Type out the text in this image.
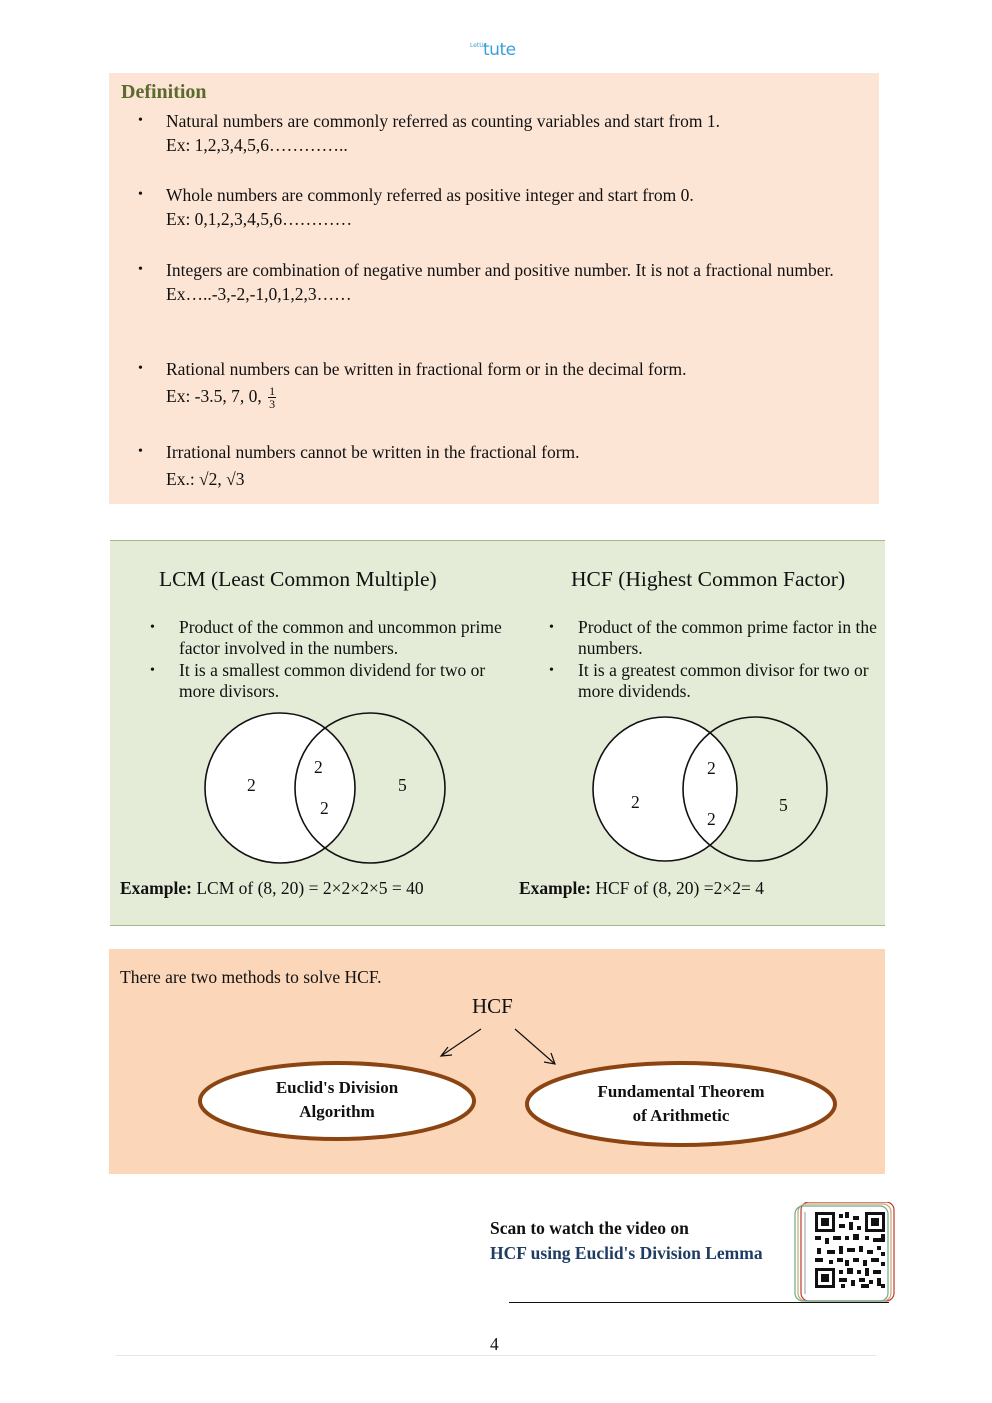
LetUs
tute
Definition
• Natural numbers are commonly referred as counting variables and start from 1.
Ex: 1,2,3,4,5,6…………..
• Whole numbers are commonly referred as positive integer and start from 0.
Ex: 0,1,2,3,4,5,6…………
• Integers are combination of negative number and positive number. It is not a fractional number.
Ex…..-3,-2,-1,0,1,2,3……
• Rational numbers can be written in fractional form or in the decimal form.
Ex: -3.5, 7, 0, $\frac{1}{3}$
• Irrational numbers cannot be written in the fractional form.
Ex.: √2, √3
LCM (Least Common Multiple)
• Product of the common and uncommon prime factor involved in the numbers.
• It is a smallest common dividend for two or more divisors.
2
2
2
5
Example: LCM of (8, 20) = 2×2×2×5 = 40
HCF (Highest Common Factor)
• Product of the common prime factor in the numbers.
• It is a greatest common divisor for two or more dividends.
2
2
2
5
Example: HCF of (8, 20) =2×2= 4
There are two methods to solve HCF.
HCF
Euclid's Division
Algorithm
Fundamental Theorem
of Arithmetic
Scan to watch the video on
HCF using Euclid's Division Lemma
4
